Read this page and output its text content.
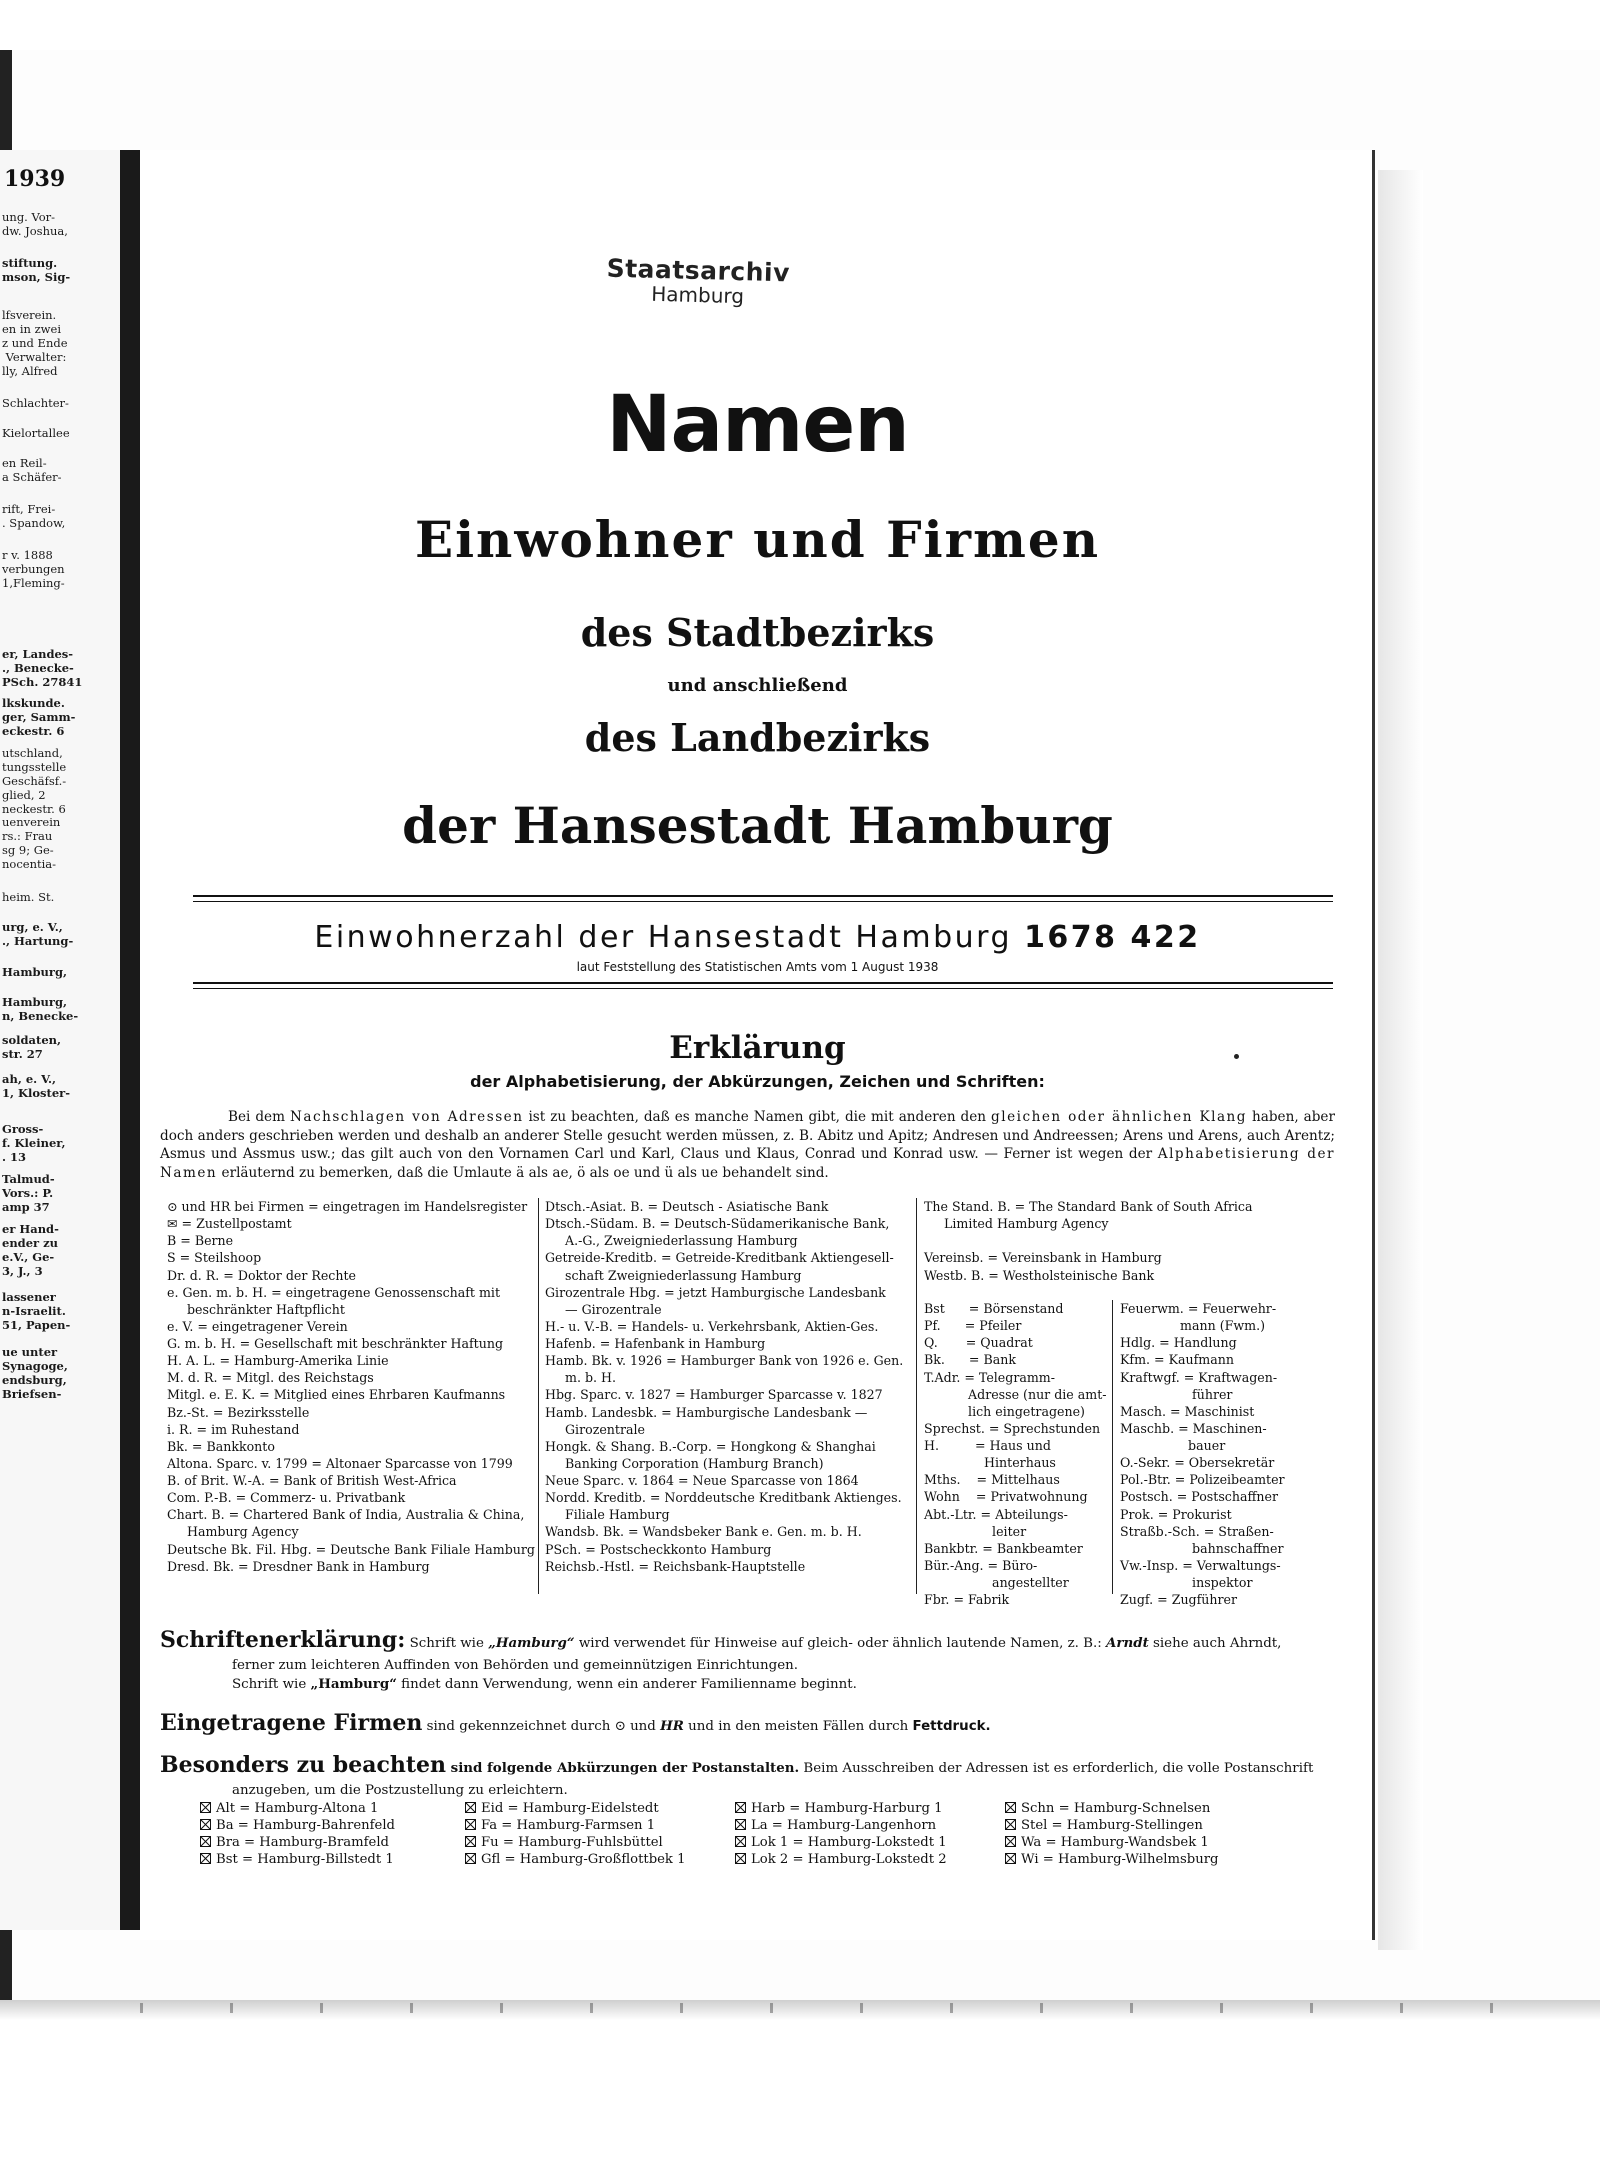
1939
ung. Vor-
dw. Joshua,
stiftung.
mson, Sig-
lfsverein.
en in zwei
z und Ende
Verwalter:
lly, Alfred
Schlachter-
Kielortallee
en Reil-
a Schäfer-
rift, Frei-
. Spandow,
r v. 1888
verbungen
1,Fleming-
er, Landes-
., Benecke-
PSch. 27841
lkskunde.
ger, Samm-
eckestr. 6
utschland,
tungsstelle
Geschäfsf.-
glied, 2
neckestr. 6
uenverein
rs.: Frau
sg 9; Ge-
nocentia-
heim. St.
urg, e. V.,
., Hartung-
Hamburg,
Hamburg,
n, Benecke-
soldaten,
str. 27
ah, e. V.,
1, Kloster-
Gross-
f. Kleiner,
. 13
Talmud-
Vors.: P.
amp 37
er Hand-
ender zu
e.V., Ge-
3, J., 3
lassener
n-Israelit.
51, Papen-
ue unter
Synagoge,
endsburg,
Briefsen-
Staatsarchiv
Hamburg
Namen
Einwohner und Firmen
des Stadtbezirks
und anschließend
des Landbezirks
der Hansestadt Hamburg
Einwohnerzahl der Hansestadt Hamburg 1678 422
laut Feststellung des Statistischen Amts vom 1 August 1938
Erklärung
der Alphabetisierung, der Abkürzungen, Zeichen und Schriften:
Bei dem Nachschlagen von Adressen ist zu beachten, daß es manche Namen gibt, die mit anderen den gleichen oder ähnlichen Klang haben, aber doch anders geschrieben werden und deshalb an anderer Stelle gesucht werden müssen, z. B. Abitz und Apitz; Andresen und Andreessen; Arens und Arens, auch Arentz; Asmus und Assmus usw.; das gilt auch von den Vornamen Carl und Karl, Claus und Klaus, Conrad und Konrad usw. — Ferner ist wegen der Alphabetisierung der Namen erläuternd zu bemerken, daß die Umlaute ä als ae, ö als oe und ü als ue behandelt sind.
⊙ und HR bei Firmen = eingetragen im Handelsregister
✉ = Zustellpostamt
B = Berne
S = Steilshoop
Dr. d. R. = Doktor der Rechte
e. Gen. m. b. H. = eingetragene Genossenschaft mit
beschränkter Haftpflicht
e. V. = eingetragener Verein
G. m. b. H. = Gesellschaft mit beschränkter Haftung
H. A. L. = Hamburg-Amerika Linie
M. d. R. = Mitgl. des Reichstags
Mitgl. e. E. K. = Mitglied eines Ehrbaren Kaufmanns
Bz.-St. = Bezirksstelle
i. R. = im Ruhestand
Bk. = Bankkonto
Altona. Sparc. v. 1799 = Altonaer Sparcasse von 1799
B. of Brit. W.-A. = Bank of British West-Africa
Com. P.-B. = Commerz- u. Privatbank
Chart. B. = Chartered Bank of India, Australia & China,
Hamburg Agency
Deutsche Bk. Fil. Hbg. = Deutsche Bank Filiale Hamburg
Dresd. Bk. = Dresdner Bank in Hamburg
Dtsch.-Asiat. B. = Deutsch - Asiatische Bank
Dtsch.-Südam. B. = Deutsch-Südamerikanische Bank,
A.-G., Zweigniederlassung Hamburg
Getreide-Kreditb. = Getreide-Kreditbank Aktiengesell-
schaft Zweigniederlassung Hamburg
Girozentrale Hbg. = jetzt Hamburgische Landesbank
— Girozentrale
H.- u. V.-B. = Handels- u. Verkehrsbank, Aktien-Ges.
Hafenb. = Hafenbank in Hamburg
Hamb. Bk. v. 1926 = Hamburger Bank von 1926 e. Gen.
m. b. H.
Hbg. Sparc. v. 1827 = Hamburger Sparcasse v. 1827
Hamb. Landesbk. = Hamburgische Landesbank —
Girozentrale
Hongk. & Shang. B.-Corp. = Hongkong & Shanghai
Banking Corporation (Hamburg Branch)
Neue Sparc. v. 1864 = Neue Sparcasse von 1864
Nordd. Kreditb. = Norddeutsche Kreditbank Aktienges.
Filiale Hamburg
Wandsb. Bk. = Wandsbeker Bank e. Gen. m. b. H.
PSch. = Postscheckkonto Hamburg
Reichsb.-Hstl. = Reichsbank-Hauptstelle
The Stand. B. = The Standard Bank of South Africa
Limited Hamburg Agency

Vereinsb. = Vereinsbank in Hamburg
Westb. B. = Westholsteinische Bank
Bst      = Börsenstand
Pf.      = Pfeiler
Q.       = Quadrat
Bk.      = Bank
T.Adr. = Telegramm-
Adresse (nur die amt-
lich eingetragene)
Sprechst. = Sprechstunden
H.         = Haus und
Hinterhaus
Mths.    = Mittelhaus
Wohn    = Privatwohnung
Abt.-Ltr. = Abteilungs-
leiter
Bankbtr. = Bankbeamter
Bür.-Ang. = Büro-
angestellter
Fbr. = Fabrik
Feuerwm. = Feuerwehr-
mann (Fwm.)
Hdlg. = Handlung
Kfm. = Kaufmann
Kraftwgf. = Kraftwagen-
führer
Masch. = Maschinist
Maschb. = Maschinen-
bauer
O.-Sekr. = Obersekretär
Pol.-Btr. = Polizeibeamter
Postsch. = Postschaffner
Prok. = Prokurist
Straßb.-Sch. = Straßen-
bahnschaffner
Vw.-Insp. = Verwaltungs-
inspektor
Zugf. = Zugführer
Schriftenerklärung: Schrift wie „Hamburg“ wird verwendet für Hinweise auf gleich- oder ähnlich lautende Namen, z. B.: Arndt siehe auch Ahrndt,
ferner zum leichteren Auffinden von Behörden und gemeinnützigen Einrichtungen.
Schrift wie „Hamburg“ findet dann Verwendung, wenn ein anderer Familienname beginnt.
Eingetragene Firmen sind gekennzeichnet durch ⊙ und HR und in den meisten Fällen durch Fettdruck.
Besonders zu beachten sind folgende Abkürzungen der Postanstalten. Beim Ausschreiben der Adressen ist es erforderlich, die volle Postanschrift
anzugeben, um die Postzustellung zu erleichtern.
Alt = Hamburg-Altona 1
Ba = Hamburg-Bahrenfeld
Bra = Hamburg-Bramfeld
Bst = Hamburg-Billstedt 1
Eid = Hamburg-Eidelstedt
Fa = Hamburg-Farmsen 1
Fu = Hamburg-Fuhlsbüttel
Gfl = Hamburg-Großflottbek 1
Harb = Hamburg-Harburg 1
La = Hamburg-Langenhorn
Lok 1 = Hamburg-Lokstedt 1
Lok 2 = Hamburg-Lokstedt 2
Schn = Hamburg-Schnelsen
Stel = Hamburg-Stellingen
Wa = Hamburg-Wandsbek 1
Wi = Hamburg-Wilhelmsburg
